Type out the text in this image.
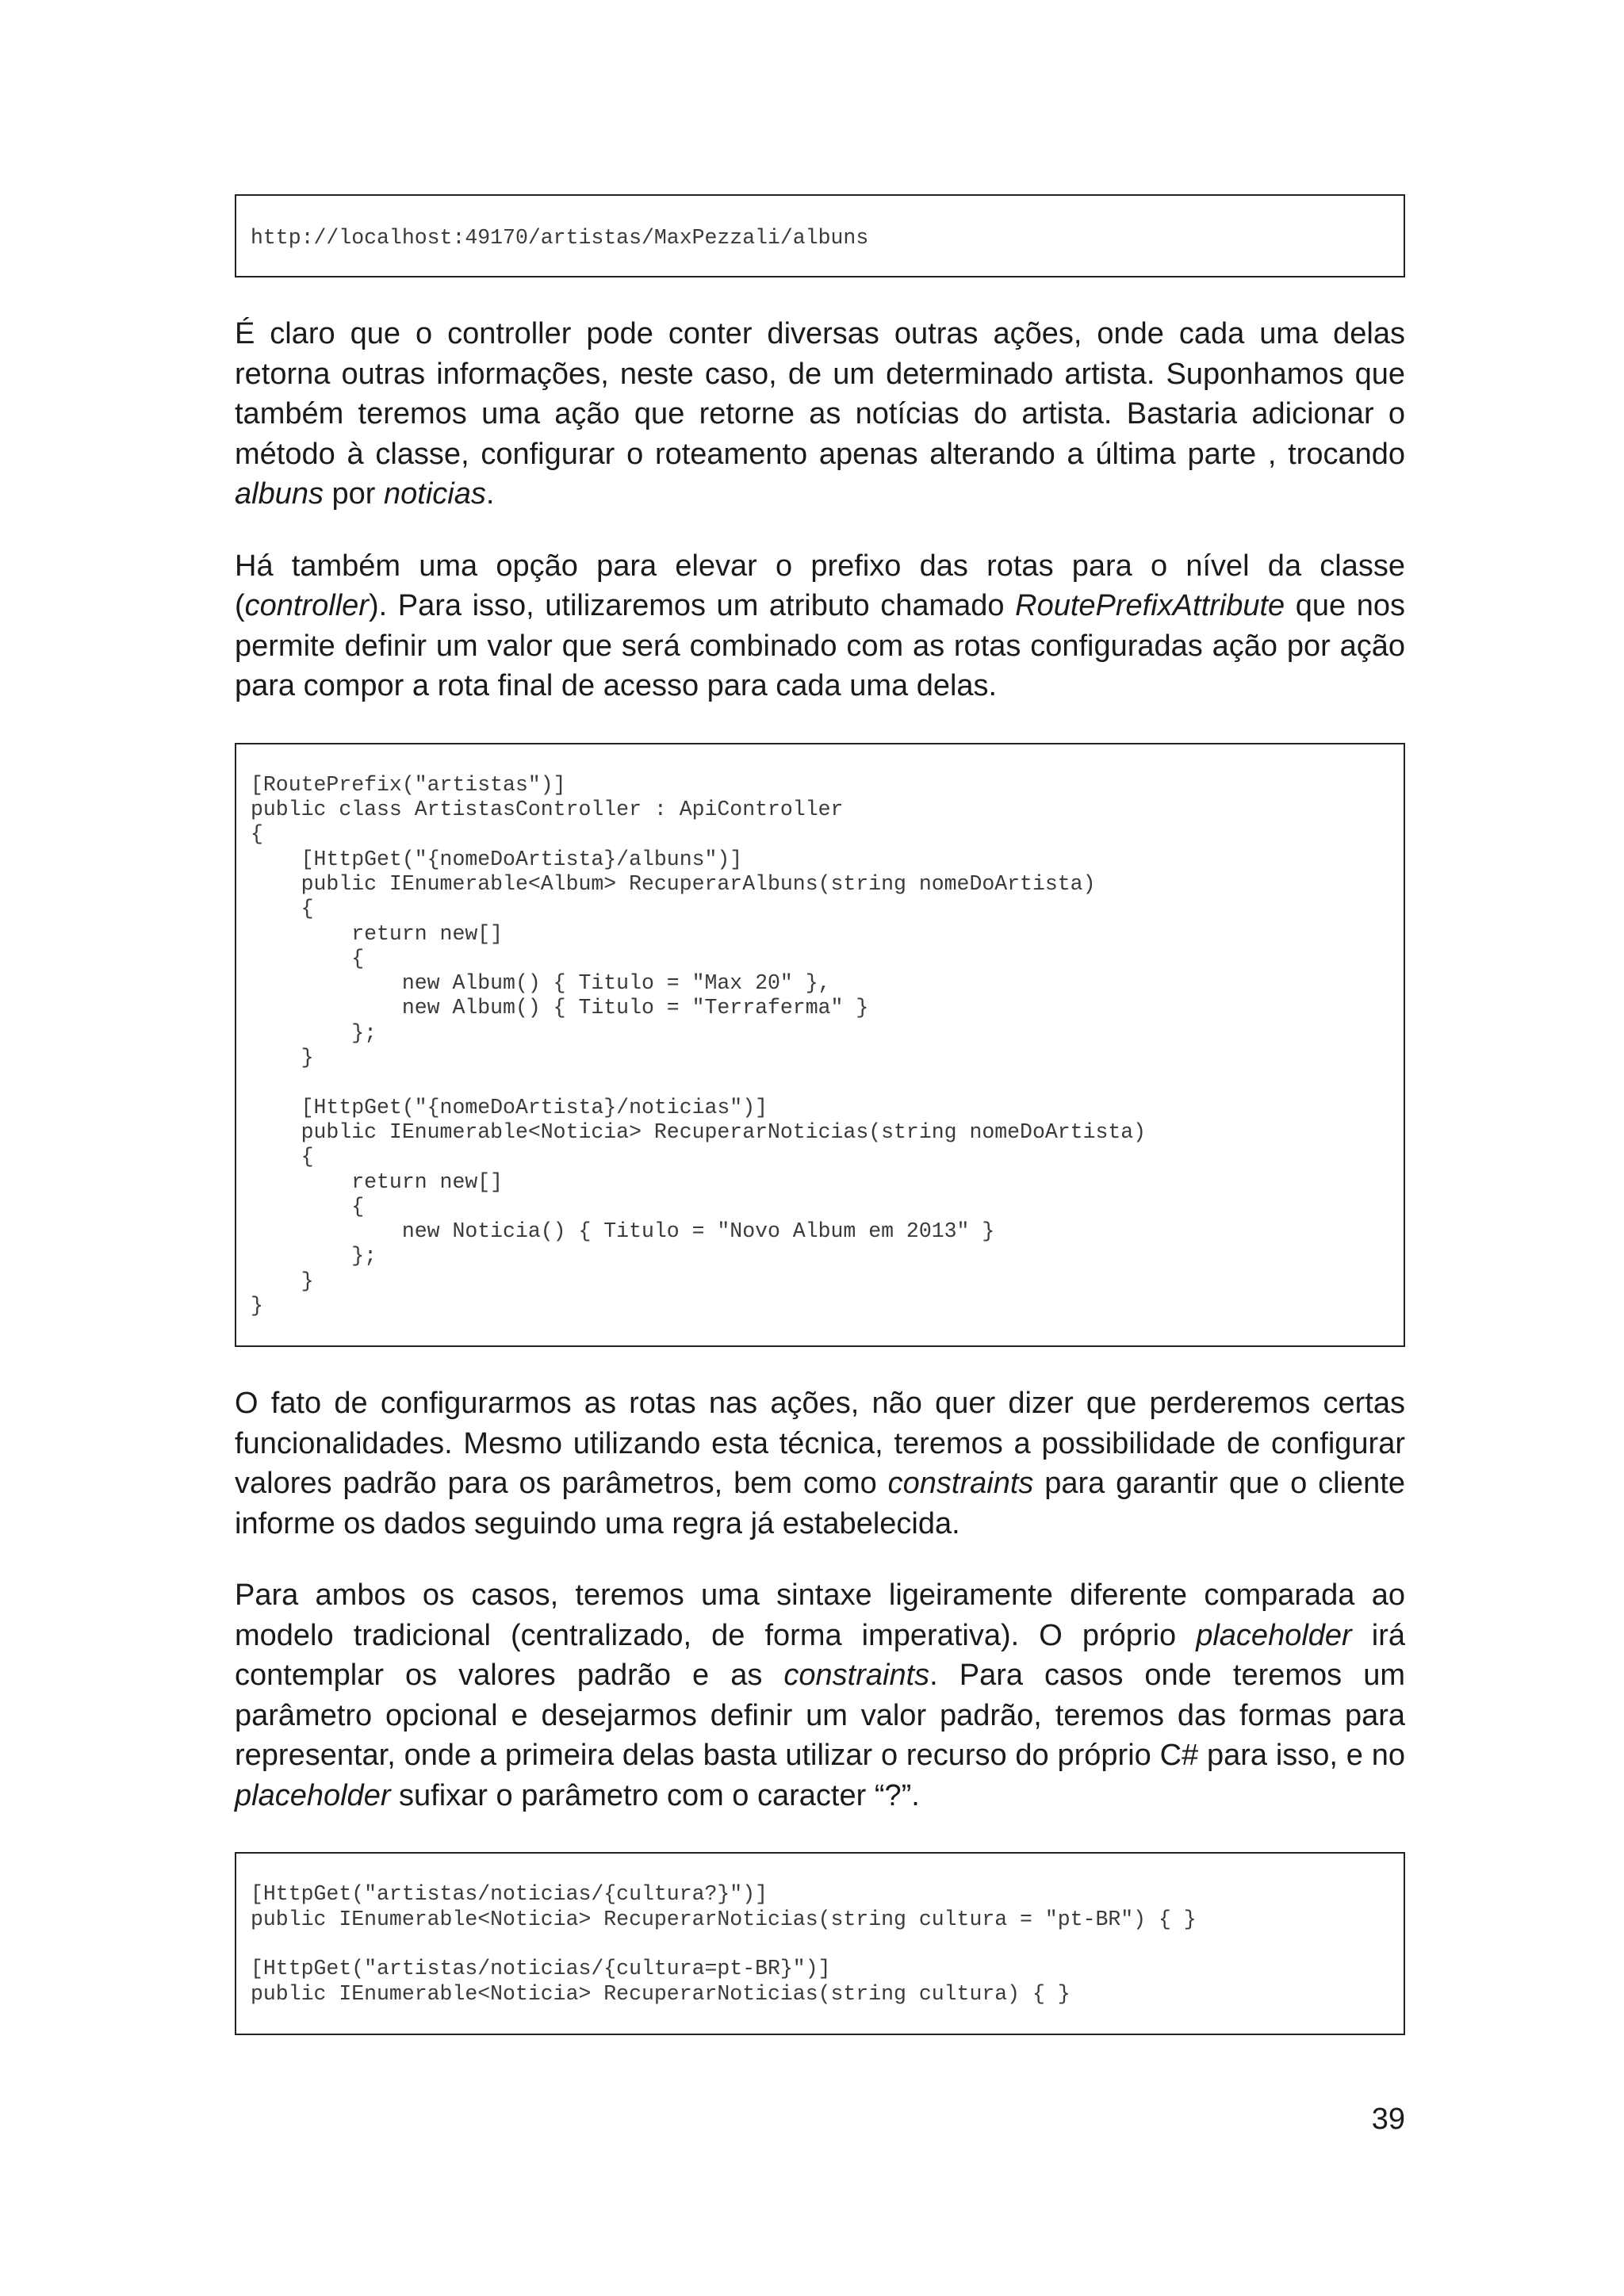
http://localhost:49170/artistas/MaxPezzali/albuns

É claro que o controller pode conter diversas outras ações, onde cada uma delas retorna outras informações, neste caso, de um determinado artista. Suponhamos que também teremos uma ação que retorne as notícias do artista. Bastaria adicionar o método à classe, configurar o roteamento apenas alterando a última parte , trocando albuns por noticias.

Há também uma opção para elevar o prefixo das rotas para o nível da classe (controller). Para isso, utilizaremos um atributo chamado RoutePrefixAttribute que nos permite definir um valor que será combinado com as rotas configuradas ação por ação para compor a rota final de acesso para cada uma delas.

[RoutePrefix("artistas")]
public class ArtistasController : ApiController
{
[HttpGet("{nomeDoArtista}/albuns")]
public IEnumerable<Album> RecuperarAlbuns(string nomeDoArtista)
{
return new[]
{
new Album() { Titulo = "Max 20" },
new Album() { Titulo = "Terraferma" }
};
}

[HttpGet("{nomeDoArtista}/noticias")]
public IEnumerable<Noticia> RecuperarNoticias(string nomeDoArtista)
{
return new[]
{
new Noticia() { Titulo = "Novo Album em 2013" }
};
}
}

O fato de configurarmos as rotas nas ações, não quer dizer que perderemos certas funcionalidades. Mesmo utilizando esta técnica, teremos a possibilidade de configurar valores padrão para os parâmetros, bem como constraints para garantir que o cliente informe os dados seguindo uma regra já estabelecida.

Para ambos os casos, teremos uma sintaxe ligeiramente diferente comparada ao modelo tradicional (centralizado, de forma imperativa). O próprio placeholder irá contemplar os valores padrão e as constraints. Para casos onde teremos um parâmetro opcional e desejarmos definir um valor padrão, teremos das formas para representar, onde a primeira delas basta utilizar o recurso do próprio C# para isso, e no placeholder sufixar o parâmetro com o caracter “?”.

[HttpGet("artistas/noticias/{cultura?}")]
public IEnumerable<Noticia> RecuperarNoticias(string cultura = "pt-BR") { }

[HttpGet("artistas/noticias/{cultura=pt-BR}")]
public IEnumerable<Noticia> RecuperarNoticias(string cultura) { }
39
